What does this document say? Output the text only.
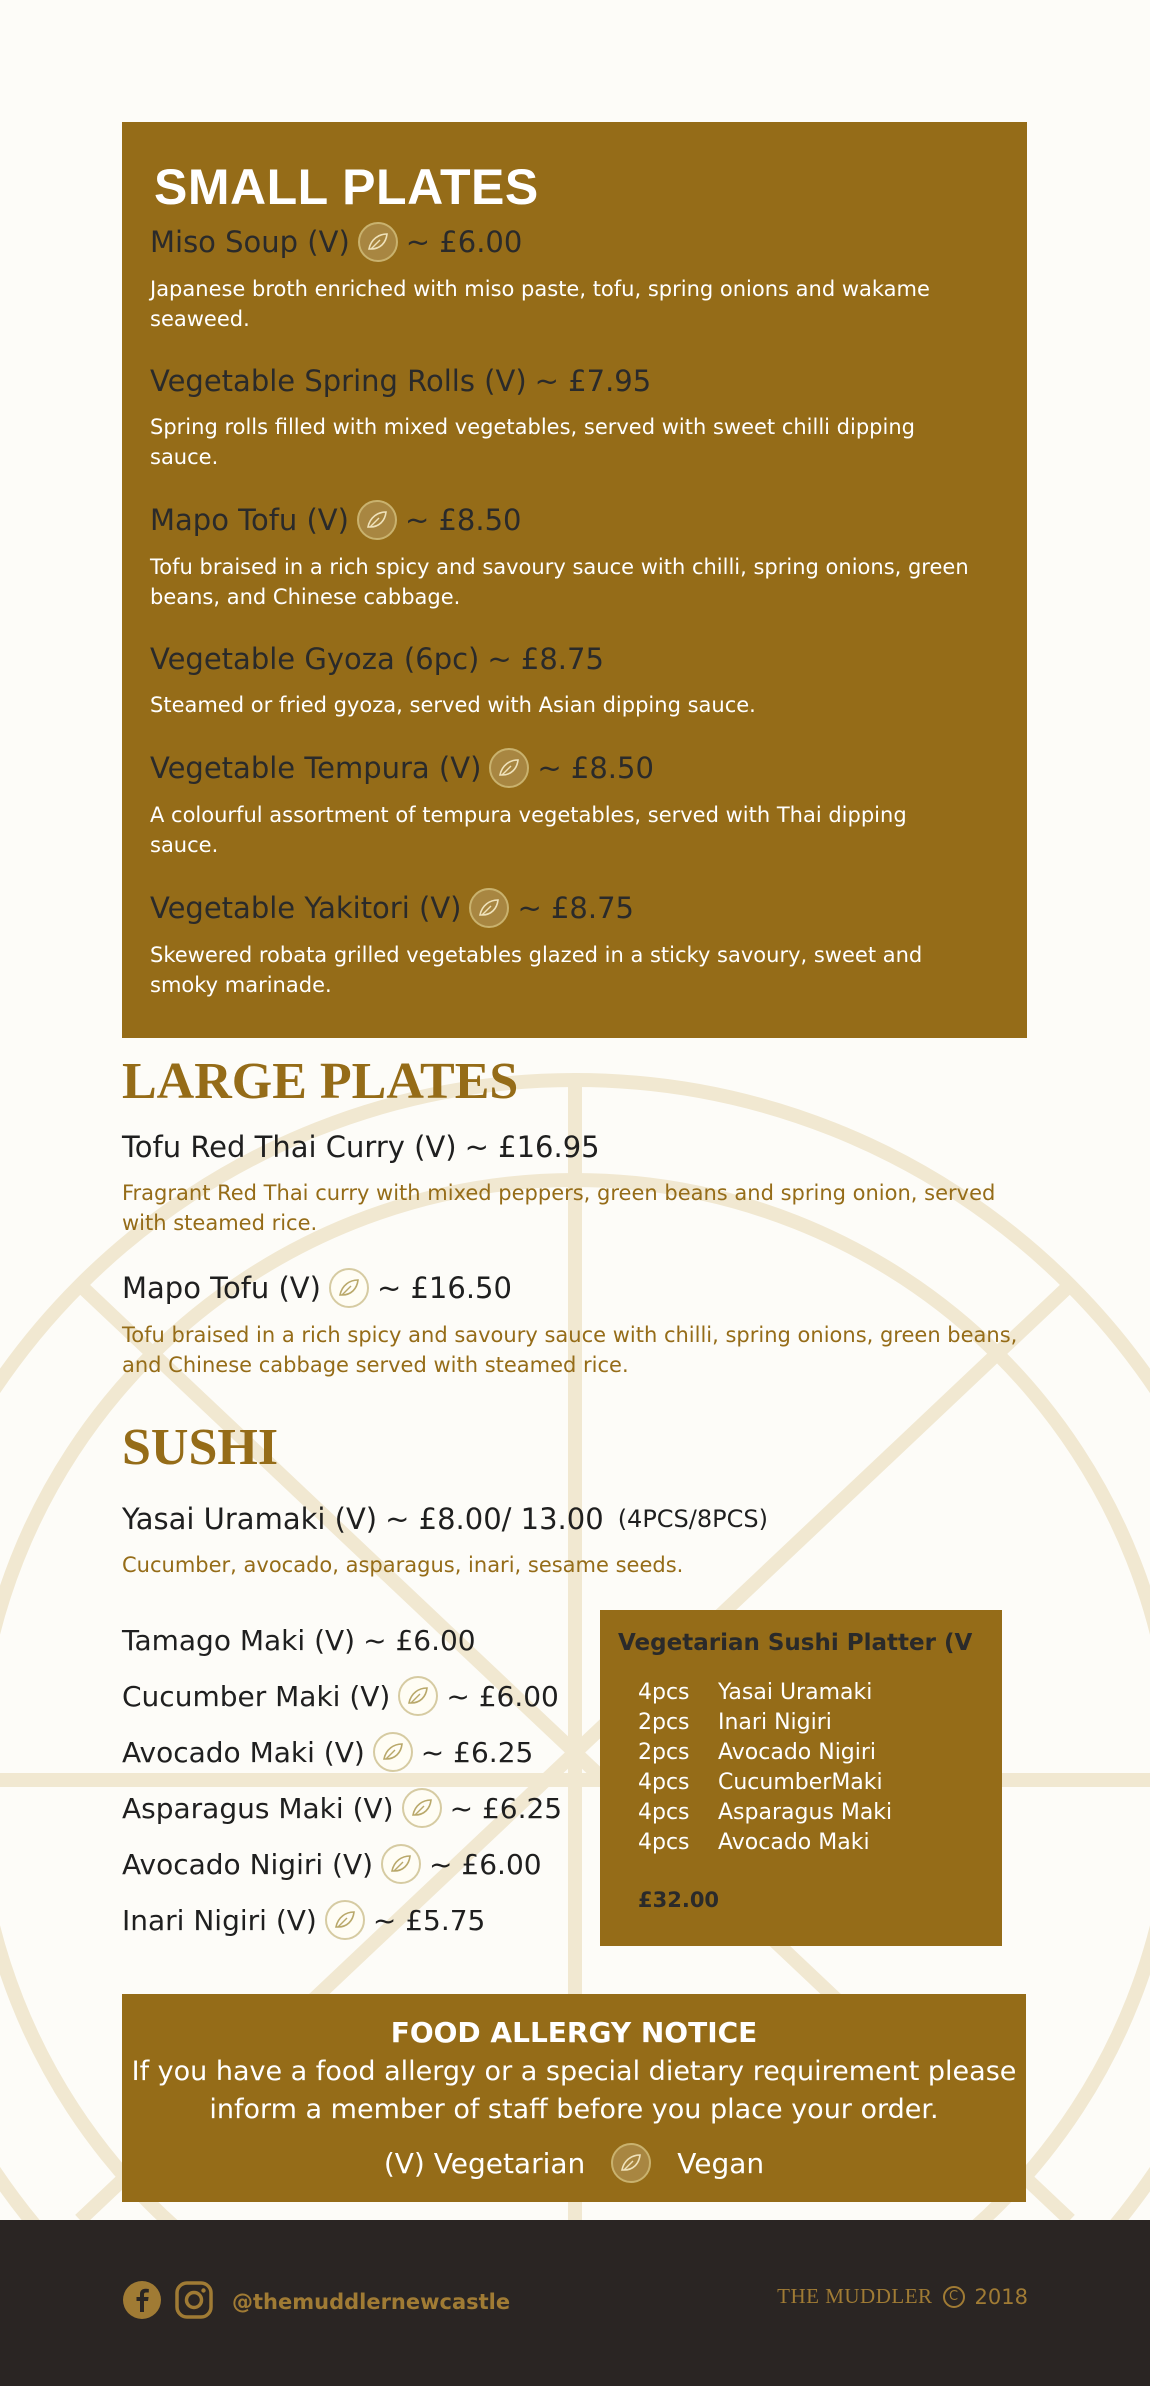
SMALL PLATES
Miso Soup (V) ~ £6.00
Japanese broth enriched with miso paste, tofu, spring onions and wakame seaweed.
Vegetable Spring Rolls (V) ~ £7.95
Spring rolls filled with mixed vegetables, served with sweet chilli dipping sauce.
Mapo Tofu (V) ~ £8.50
Tofu braised in a rich spicy and savoury sauce with chilli, spring onions, green beans, and Chinese cabbage.
Vegetable Gyoza (6pc) ~ £8.75
Steamed or fried gyoza, served with Asian dipping sauce.
Vegetable Tempura (V) ~ £8.50
A colourful assortment of tempura vegetables, served with Thai dipping sauce.
Vegetable Yakitori (V) ~ £8.75
Skewered robata grilled vegetables glazed in a sticky savoury, sweet and smoky marinade.
LARGE PLATES
Tofu Red Thai Curry (V) ~ £16.95
Fragrant Red Thai curry with mixed peppers, green beans and spring onion, served with steamed rice.
Mapo Tofu (V) ~ £16.50
Tofu braised in a rich spicy and savoury sauce with chilli, spring onions, green beans, and Chinese cabbage served with steamed rice.
SUSHI
Yasai Uramaki (V) ~ £8.00/ 13.00 (4PCS/8PCS)
Cucumber, avocado, asparagus, inari, sesame seeds.
Tamago Maki (V) ~ £6.00
Cucumber Maki (V) ~ £6.00
Avocado Maki (V) ~ £6.25
Asparagus Maki (V) ~ £6.25
Avocado Nigiri (V) ~ £6.00
Inari Nigiri (V) ~ £5.75
Vegetarian Sushi Platter (V
4pcs	Yasai Uramaki
2pcs	Inari Nigiri
2pcs	Avocado Nigiri
4pcs	CucumberMaki
4pcs	Asparagus Maki
4pcs	Avocado Maki
£32.00
FOOD ALLERGY NOTICE
If you have a food allergy or a special dietary requirement please
inform a member of staff before you place your order.
(V) Vegetarian	Vegan
@themuddlernewcastle	THE MUDDLER	C 2018
